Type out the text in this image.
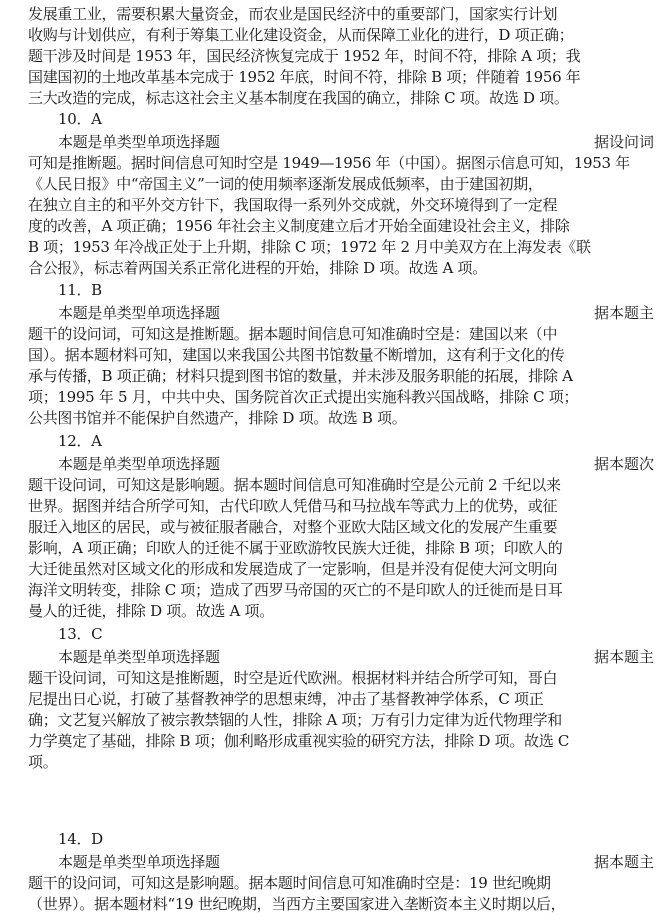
发展重工业，需要积累大量资金，而农业是国民经济中的重要部门，国家实行计划
收购与计划供应，有利于筹集工业化建设资金，从而保障工业化的进行，D 项正确；
题干涉及时间是 1953 年，国民经济恢复完成于 1952 年，时间不符，排除 A 项；我
国建国初的土地改革基本完成于 1952 年底，时间不符，排除 B 项；伴随着 1956 年
三大改造的完成，标志这社会主义基本制度在我国的确立，排除 C 项。故选 D 项。
10．A
本题是单类型单项选择题	据设问词
可知是推断题。据时间信息可知时空是 1949—1956 年（中国）。据图示信息可知，1953 年
《人民日报》中“帝国主义”一词的使用频率逐渐发展成低频率，由于建国初期，
在独立自主的和平外交方针下，我国取得一系列外交成就，外交环境得到了一定程
度的改善，A 项正确；1956 年社会主义制度建立后才开始全面建设社会主义，排除
B 项；1953 年冷战正处于上升期，排除 C 项；1972 年 2 月中美双方在上海发表《联
合公报》，标志着两国关系正常化进程的开始，排除 D 项。故选 A 项。
11．B
本题是单类型单项选择题	据本题主
题干的设问词，可知这是推断题。据本题时间信息可知准确时空是：建国以来（中
国）。据本题材料可知，建国以来我国公共图书馆数量不断增加，这有利于文化的传
承与传播，B 项正确；材料只提到图书馆的数量，并未涉及服务职能的拓展，排除 A
项；1995 年 5 月，中共中央、国务院首次正式提出实施科教兴国战略，排除 C 项；
公共图书馆并不能保护自然遗产，排除 D 项。故选 B 项。
12．A
本题是单类型单项选择题	据本题次
题干设问词，可知这是影响题。据本题时间信息可知准确时空是公元前 2 千纪以来
世界。据图并结合所学可知，古代印欧人凭借马和马拉战车等武力上的优势，或征
服迁入地区的居民，或与被征服者融合，对整个亚欧大陆区域文化的发展产生重要
影响，A 项正确；印欧人的迁徙不属于亚欧游牧民族大迁徙，排除 B 项；印欧人的
大迁徙虽然对区域文化的形成和发展造成了一定影响，但是并没有促使大河文明向
海洋文明转变，排除 C 项；造成了西罗马帝国的灭亡的不是印欧人的迁徙而是日耳
曼人的迁徙，排除 D 项。故选 A 项。
13．C
本题是单类型单项选择题	据本题主
题干设问词，可知这是推断题，时空是近代欧洲。根据材料并结合所学可知，哥白
尼提出日心说，打破了基督教神学的思想束缚，冲击了基督教神学体系，C 项正
确；文艺复兴解放了被宗教禁锢的人性，排除 A 项；万有引力定律为近代物理学和
力学奠定了基础，排除 B 项；伽利略形成重视实验的研究方法，排除 D 项。故选 C
项。
14．D
本题是单类型单项选择题	据本题主
题干的设问词，可知这是影响题。据本题时间信息可知准确时空是：19 世纪晚期
（世界）。据本题材料“19 世纪晚期，当西方主要国家进入垄断资本主义时期以后，
